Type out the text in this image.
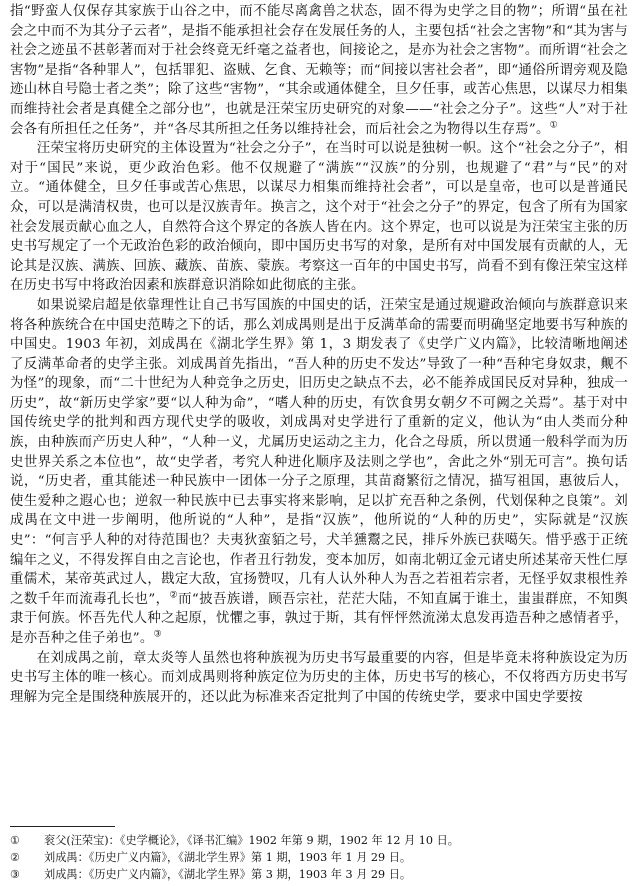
指“野蛮人仅保存其家族于山谷之中，而不能尽离禽兽之状态，固不得为史学之目的物”；所谓“虽在社会之中而不为其分子云者”，是指不能承担社会存在发展任务的人，主要包括“社会之害物”和“其为害与社会之迹虽不甚彰著而对于社会终竟无纤毫之益者也，间接论之，是亦为社会之害物”。而所谓“社会之害物”是指“各种罪人”，包括罪犯、盗贼、乞食、无赖等；而“间接以害社会者”，即“通俗所谓旁观及隐迹山林自号隐士者之类”；除了这些“害物”，“其余或通体健全，旦夕任事，或苦心焦思，以谋尽力相集而维持社会者是真健全之部分也”，也就是汪荣宝历史研究的对象——“社会之分子”。这些“人”对于社会各有所担任之任务”，并“各尽其所担之任务以维持社会，而后社会之为物得以生存焉”。①

汪荣宝将历史研究的主体设置为“社会之分子”，在当时可以说是独树一帜。这个“社会之分子”，相对于“国民”来说，更少政治色彩。他不仅规避了“满族”“汉族”的分别，也规避了“君”与“民”的对立。“通体健全，旦夕任事或苦心焦思，以谋尽力相集而维持社会者”，可以是皇帝，也可以是普通民众，可以是满清权贵，也可以是汉族青年。换言之，这个对于“社会之分子”的界定，包含了所有为国家社会发展贡献心血之人，自然符合这个界定的各族人皆在内。这个界定，也可以说是为汪荣宝主张的历史书写规定了一个无政治色彩的政治倾向，即中国历史书写的对象，是所有对中国发展有贡献的人，无论其是汉族、满族、回族、藏族、苗族、蒙族。考察这一百年的中国史书写，尚看不到有像汪荣宝这样在历史书写中将政治因素和族群意识消除如此彻底的主张。

如果说梁启超是依靠理性让自己书写国族的中国史的话，汪荣宝是通过规避政治倾向与族群意识来将各种族统合在中国史范畴之下的话，那么刘成禺则是出于反满革命的需要而明确坚定地要书写种族的中国史。1903 年初，刘成禺在《湖北学生界》第 1，3 期发表了《史学广义内篇》，比较清晰地阐述了反满革命者的史学主张。刘成禺首先指出，“吾人种的历史不发达”导致了一种“吾种宅身奴隶，觍不为怪”的现象，而“二十世纪为人种竞争之历史，旧历史之缺点不去，必不能养成国民反对异种，独成一历史”，故“新历史学家”要“以人种为命”，“嗜人种的历史，有饮食男女朝夕不可阙之关焉”。基于对中国传统史学的批判和西方现代史学的吸收，刘成禺对史学进行了重新的定义，他认为“由人类而分种族，由种族而产历史人种”，“人种一义，尤属历史运动之主力，化合之母质，所以贯通一般科学而为历史世界关系之本位也”，故“史学者，考究人种进化顺序及法则之学也”，舍此之外“别无可言”。换句话说，“历史者，重其能述一种民族中一团体一分子之原理，其苗裔繁衍之情况，描写祖国，惠彼后人，使生爱种之遐心也；逆叙一种民族中已去事实将来影响，足以扩充吾种之条例，代划保种之良策”。刘成禺在文中进一步阐明，他所说的“人种”，是指“汉族”，他所说的“人种的历史”，实际就是“汉族史”：“何言乎人种的对待范围也？夫夷狄蛮貊之号，犬羊獯鬻之民，排斥外族已获噶矢。惜乎惑于正统编年之义，不得发挥自由之言论也，作者丑行勃发，变本加厉，如南北朝辽金元诸史所述某帝天性仁厚重儒术，某帝英武过人，戡定大敌，宜扬赞叹，几有人认外种人为吾之若祖若宗者，无怪乎奴隶根性养之数千年而流毒孔长也”，②而“披吾族谱，顾吾宗社，茫茫大陆，不知直属于谁土，蚩蚩群庶，不知舆隶于何族。怀吾先代人种之起原，忧懼之事，孰过于斯，其有怦怦然流涕太息发再造吾种之感情者乎，是亦吾种之佳子弟也”。③

在刘成禺之前，章太炎等人虽然也将种族视为历史书写最重要的内容，但是毕竟未将种族设定为历史书写主体的唯一核心。而刘成禺则将种族定位为历史的主体，历史书写的核心，不仅将西方历史书写理解为完全是围绕种族展开的，还以此为标准来否定批判了中国的传统史学，要求中国史学要按

①	衮父(汪荣宝)：《史学概论》，《译书汇编》1902 年第 9 期，1902 年 12 月 10 日。
②	刘成禺：《历史广义内篇》，《湖北学生界》第 1 期，1903 年 1 月 29 日。
③	刘成禺：《历史广义内篇》，《湖北学生界》第 3 期，1903 年 3 月 29 日。
